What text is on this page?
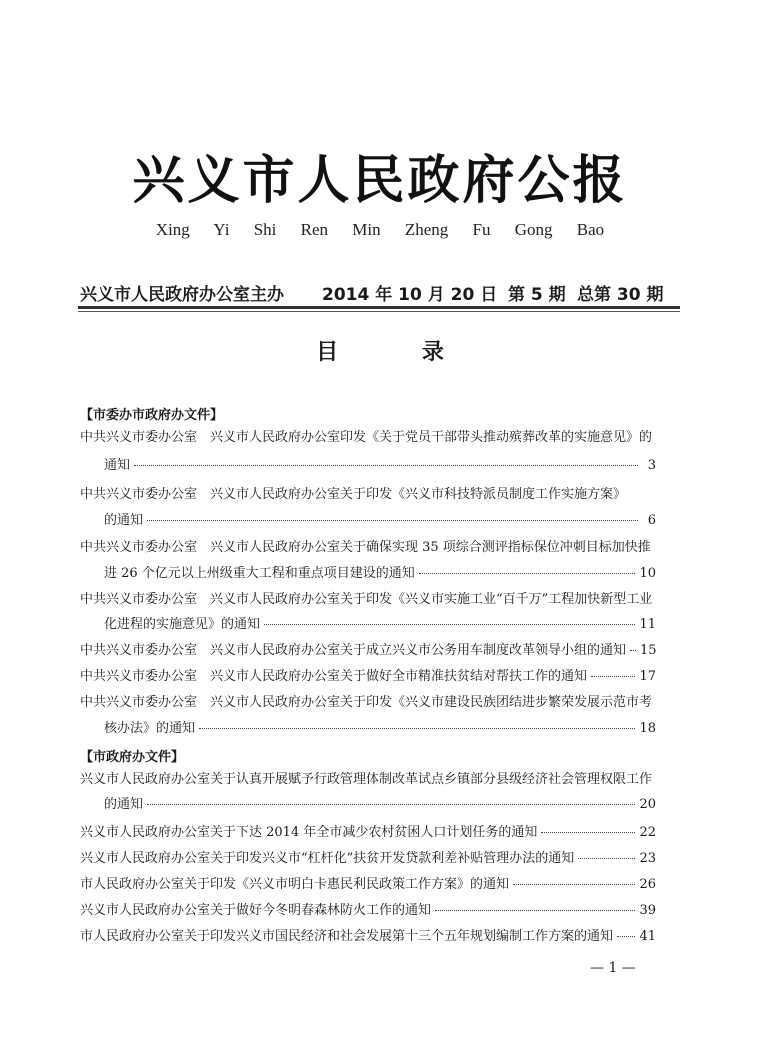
兴义市人民政府公报
Xing Yi Shi Ren Min Zheng Fu Gong Bao
兴义市人民政府办公室主办 2014 年 10 月 20 日 第 5 期 总第 30 期
目 录
【市委办市政府办文件】
中共兴义市委办公室　兴义市人民政府办公室印发《关于党员干部带头推动殡葬改革的实施意见》的
通知	3
中共兴义市委办公室　兴义市人民政府办公室关于印发《兴义市科技特派员制度工作实施方案》
的通知	6
中共兴义市委办公室　兴义市人民政府办公室关于确保实现 35 项综合测评指标保位冲刺目标加快推
进 26 个亿元以上州级重大工程和重点项目建设的通知	10
中共兴义市委办公室　兴义市人民政府办公室关于印发《兴义市实施工业“百千万”工程加快新型工业
化进程的实施意见》的通知	11
中共兴义市委办公室　兴义市人民政府办公室关于成立兴义市公务用车制度改革领导小组的通知 15
中共兴义市委办公室　兴义市人民政府办公室关于做好全市精准扶贫结对帮扶工作的通知	17
中共兴义市委办公室　兴义市人民政府办公室关于印发《兴义市建设民族团结进步繁荣发展示范市考
核办法》的通知	18
【市政府办文件】
兴义市人民政府办公室关于认真开展赋予行政管理体制改革试点乡镇部分县级经济社会管理权限工作
的通知	20
兴义市人民政府办公室关于下达 2014 年全市减少农村贫困人口计划任务的通知	22
兴义市人民政府办公室关于印发兴义市“杠杆化”扶贫开发贷款利差补贴管理办法的通知	23
市人民政府办公室关于印发《兴义市明白卡惠民利民政策工作方案》的通知	26
兴义市人民政府办公室关于做好今冬明春森林防火工作的通知	39
市人民政府办公室关于印发兴义市国民经济和社会发展第十三个五年规划编制工作方案的通知 41
— 1 —
